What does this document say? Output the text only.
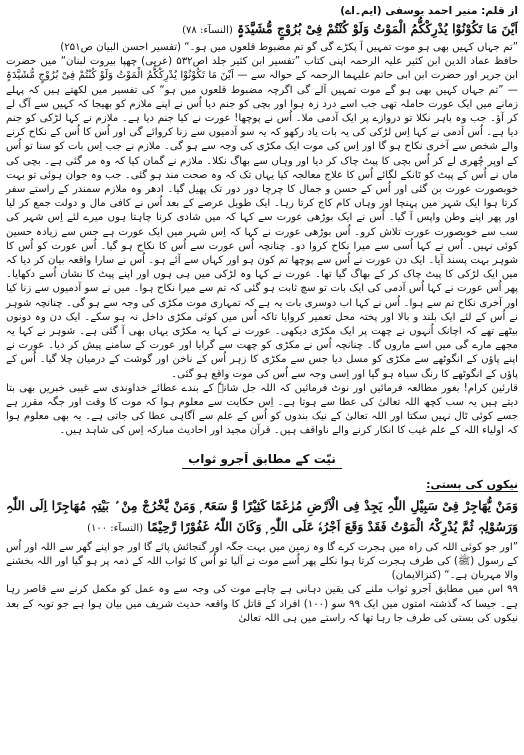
از قلم: منیر احمد یوسفی (ایم۔اے)
اَیْنَ مَا تَکُوْنُوْا یُدْرِکْکُّمُ الْمَوْتُ وَلَوْ کُنْتُمْ فِیْ بُرُوْجٍ مُّشَیَّدَۃٍ (النسآء: ۷۸)

”تم جہاں کہیں بھی ہو موت تمہیں آ پکڑے گی گو تم مضبوط قلعوں میں ہو۔“ (تفسیر احسن البیان ص۲۵۱)

حافظ عماد الدین ابن کثیر علیہ الرحمہ اپنی کتاب ”تفسیر ابن کثیر جلد اص۵۳۲ (عربی) چھپا بیروت لبنان“ میں حضرت ابن جریر اور حضرت ابن ابی حاتم علیہما الرحمہ کے حوالہ سے — اَیْنَ مَا تَکُوْنُوْا یُدْرِکْکُّمُ الْمَوْتُ وَلَوْ کُنْتُمْ فِیْ بُرُوْجٍ مُّشَیَّدَۃٍ — ”تم جہاں کہیں بھی ہو گے موت تمہیں آلے گی اگرچہ مضبوط قلعوں میں ہو“ کی تفسیر میں لکھتے ہیں کہ پہلے زمانے میں ایک عورت حاملہ تھی جب اسے درد زہ ہوا اور بچی کو جنم دیا اُس نے اپنے ملازم کو بھیجا کہ کہیں سے آگ لے کر آؤ۔ جب وہ باہر نکلا تو دروازے پر ایک آدمی ملا۔ اُس نے پوچھا! عورت نے کیا جنم دیا ہے۔ ملازم نے کہا لڑکی کو جنم دیا ہے۔ اُس آدمی نے کہا اِس لڑکی کی یہ بات یاد رکھو کہ یہ سو آدمیوں سے زنا کروائے گی اور اُس کا اُس کے نکاح کرنے والے شخص سے آخری نکاح ہو گا اور اِس کی موت ایک مکڑی کی وجہ سے ہو گی۔ ملازم نے جب اِس بات کو سنا تو اُس کے اوپر چُھری لے کر اُس بچی کا پیٹ چاک کر دیا اور وہاں سے بھاگ نکلا۔ ملازم نے گمان کیا کہ وہ مر گئی ہے۔ بچی کی ماں نے اُس کے پیٹ کو ٹانکے لگائے اُس کا علاج معالجہ کیا یہاں تک کہ وہ صحت مند ہو گئی۔ جب وہ جوان ہوئی تو بہت خوبصورت عورت بن گئی اور اُس کے حسن و جمال کا چرچا دور دور تک پھیل گیا۔ ادھر وہ ملازم سمندر کے راستے سفر کرتا ہوا ایک شہر میں پہنچا اور وہاں کام کاج کرتا رہا۔ ایک طویل عرصے کے بعد اُس نے کافی مال و دولت جمع کر لیا اور پھر اپنے وطن واپس آ گیا۔ اُس نے ایک بوڑھی عورت سے کہا کہ میں شادی کرنا چاہتا ہوں میرے لئے اِس شہر کی سب سے خوبصورت عورت تلاش کرو۔ اُس بوڑھی عورت نے کہا کہ اِس شہر میں ایک عورت ہے جس سے زیادہ حسین کوئی نہیں۔ اُس نے کہا اُسی سے میرا نکاح کروا دو۔ چنانچہ اُس عورت سے اُس کا نکاح ہو گیا۔ اُس عورت کو اُس کا شوہر بہت پسند آیا۔ ایک دن عورت نے اُس سے پوچھا تم کون ہو اور کہاں سے آئے ہو۔ اُس نے سارا واقعہ بیان کر دیا کہ میں ایک لڑکی کا پیٹ چاک کر کے بھاگ گیا تھا۔ عورت نے کہا وہ لڑکی میں ہی ہوں اور اپنے پیٹ کا نشان اُسے دکھایا۔ پھر اُس عورت نے کہا اُس آدمی کی ایک بات تو سچ ثابت ہو گئی کہ تم سے میرا نکاح ہوا۔ میں نے سو آدمیوں سے زنا کیا اور آخری نکاح تم سے ہوا۔ اُس نے کہا اب دوسری بات یہ ہے کہ تمہاری موت مکڑی کی وجہ سے ہو گی۔ چنانچہ شوہر نے اُس کے لئے ایک بلند و بالا اور پختہ محل تعمیر کروایا تاکہ اُس میں کوئی مکڑی داخل نہ ہو سکے۔ ایک دن وہ دونوں بیٹھے تھے کہ اچانک اُنہوں نے چھت پر ایک مکڑی دیکھی۔ عورت نے کہا یہ مکڑی یہاں بھی آ گئی ہے۔ شوہر نے کہا یہ مجھے مارے گی میں اسے ماروں گا۔ چنانچہ اُس نے مکڑی کو چھت سے گرایا اور عورت کے سامنے پیش کر دیا۔ عورت نے اپنے پاؤں کے انگوٹھے سے مکڑی کو مسل دیا جس سے مکڑی کا زہر اُس کے ناخن اور گوشت کے درمیان چلا گیا۔ اُس کے پاؤں کے انگوٹھے کا رنگ سیاہ ہو گیا اور اِسی وجہ سے اُس کی موت واقع ہو گئی۔

قارئین کرام! بغور مطالعہ فرمائیں اور نوٹ فرمائیں کہ اللہ جل شانہٗ کے بندے عطائے خداوندی سے غیبی خبریں بھی بتا دیتے ہیں یہ سب کچھ اللہ تعالیٰ کی عطا سے ہوتا ہے۔ اِس حکایت سے معلوم ہوا کہ موت کا وقت اور جگہ مقرر ہے جسے کوئی ٹال نہیں سکتا اور اللہ تعالیٰ کے نیک بندوں کو اُس کے علم سے آگاہی عطا کی جاتی ہے۔ یہ بھی معلوم ہوا کہ اولیاء اللہ کے علم غیب کا انکار کرنے والے ناواقف ہیں۔ قرآن مجید اور احادیث مبارکہ اِس کی شاہد ہیں۔

نیّت کے مطابق اَجرو ثواب
نیکوں کی بستی:
وَمَنْ یُّھَاجِرْ فِیْ سَبِیْلِ اللّٰہِ یَجِدْ فِی الْاَرْضِ مُرٰغَمًا کَثِیْرًا وَّ سَعَۃً ۭ وَمَنْ یَّخْرُجْ مِنْ ۢ بَیْتِہٖ مُھَاجِرًا اِلَی اللّٰہِ وَرَسُوْلِہٖ ثُمَّ یُدْرِکْہُ الْمَوْتُ فَقَدْ وَقَعَ اَجْرُہٗ عَلَی اللّٰہِ ۭ وَکَانَ اللّٰہُ غَفُوْرًا رَّحِیْمًا (النسآء: ۱۰۰)

”اور جو کوئی اللہ کی راہ میں ہجرت کرے گا وہ زمین میں بہت جگہ اور گنجائش پائے گا اور جو اپنے گھر سے اللہ اور اُس کے رسول (ﷺ) کی طرف ہجرت کرتا ہوا نکلے پھر اُسے موت نے آلیا تو اُس کا ثواب اللہ کے ذمہ پر ہو گیا اور اللہ بخشنے والا مہربان ہے۔“ (کنزالایمان)

۹۹ اس میں مطابق اَجرو ثواب ملنے کی یقین دہانی ہے چاہے موت کی وجہ سے وہ عمل کو مکمل کرنے سے قاصر رہا ہے۔ جیسا کہ گذشتہ امتوں میں ایک ۹۹ سو (۱۰۰) افراد کے قاتل کا واقعہ حدیث شریف میں بیان ہوا ہے جو توبہ کے بعد نیکوں کی بستی کی طرف جا رہا تھا کہ راستے میں ہی اللہ تعالیٰ
